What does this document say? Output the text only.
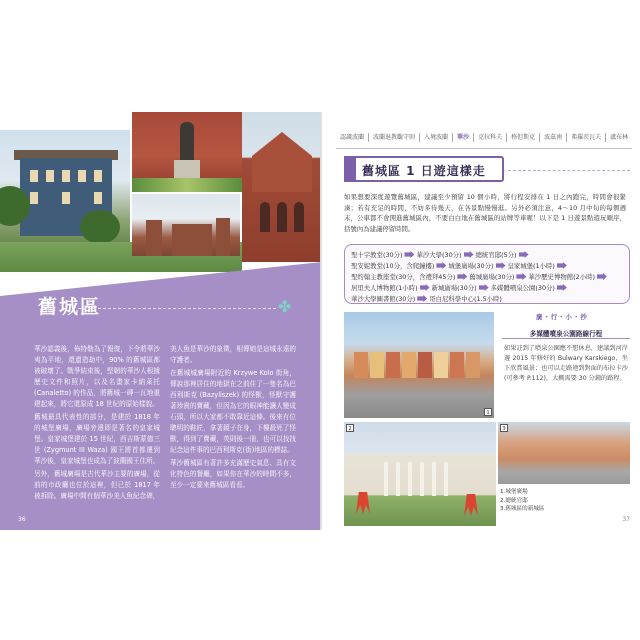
舊城區	✤

華沙認義後，佈特勒為了報復，下令將華沙夷為平地，還遺造劫中，90% 的舊城區都被破壞了。戰爭結束後，堅韌的華沙人根據歷史文件和照片，以及名畫家卡納萊托 (Canaletto) 的作品，將舊城一磚一瓦地重建起來，將它還原成 18 世紀的原始樣貌。

舊城最具代表性的部分，是建於 1818 年的城堡廣場，廣場旁邊即是著名的皇家城堡。皇家城堡建於 15 世紀，西吉斯蒙德三世 (Zygmunt III Waza) 國王將首都遷到華沙後，皇家城堡也成為了波蘭國王住所。

另外，舊城廣場是古代華沙主要的廣場，從前的市政廳也位於這裡，但已於 1817 年被拆除。廣場中間有個華沙美人魚紀念碑，

美人魚是華沙的象徵，相傳她是這城永遠的守護者。

在舊城城廣場附近的 Krzywe Kolo 街角，傳說那裡居住的地獄在之前住了一隻名為巴西利斯克 (Bazyliszek) 的怪獸，怪獸守護著珍貴的寶藏，但因為它的眼神能讓人變成石頭，所以大家都不敢靠近這條。後來有位聰明的鞋匠，拿著鏡子在身，下樓殺死了怪獸，得到了寶藏，英則後一冊，也可以找找紀念這件事的巴西利斯克(街)地區的標誌。

華沙舊城區有著許多充滿歷史氣息、具有文化特色的餐廳，如果你在華沙的時間不多，至少一定要來舊城區看看。

36
認識波蘭	波蘭退教觀守則	入境波蘭	華沙	克拉科夫	格但斯克	波茲南	弗羅茨瓦夫	盧布林
舊城區 1 日遊這樣走
如果想要深度遊覽舊城區，建議至少預留 10 個小時，將行程安排在 1 日之內跑完，時間會很緊湊；若有充足的時間，不妨多待幾天，在各景點慢慢逛。另外必須注意，4～10 月中旬的每個週末，公車都不會開進舊城區內，不要白白地在舊城區的站牌等車喔！以下是 1 日遊景點遊玩順序，括號內為建議停留時間。
聖十字教堂(30分) 華沙大學(30分) 總統官邸(5分)
聖安妮教堂(10分，含爬鐘樓) 城堡廣場(30分) 皇家城堡(1小時)
聖約翰主教座堂(30分，含禮拜45分) 舊城廣場(30分) 華沙歷史博物館(2小時)
居里夫人博物館(1小時) 新城廣場(30分) 多媒體噴泉公園(30分)
華沙大學圖書館(30分) 哥白尼科學中心(1.5小時)
1
2	3
廣・行・小・抄
多媒體噴泉公園路線行程
如果註到了噴泉公園應不想休息，建議到河岸邊 2015 年修好的 Bulwary Karskiego，坐下欣賞風景；也可以走路連到對面的布拉卡沙 (可參考 P.112)，大概需要 30 分鐘的路程。
1.城堡廣場
2.總統官邸
3.舊城區的新城區
37
